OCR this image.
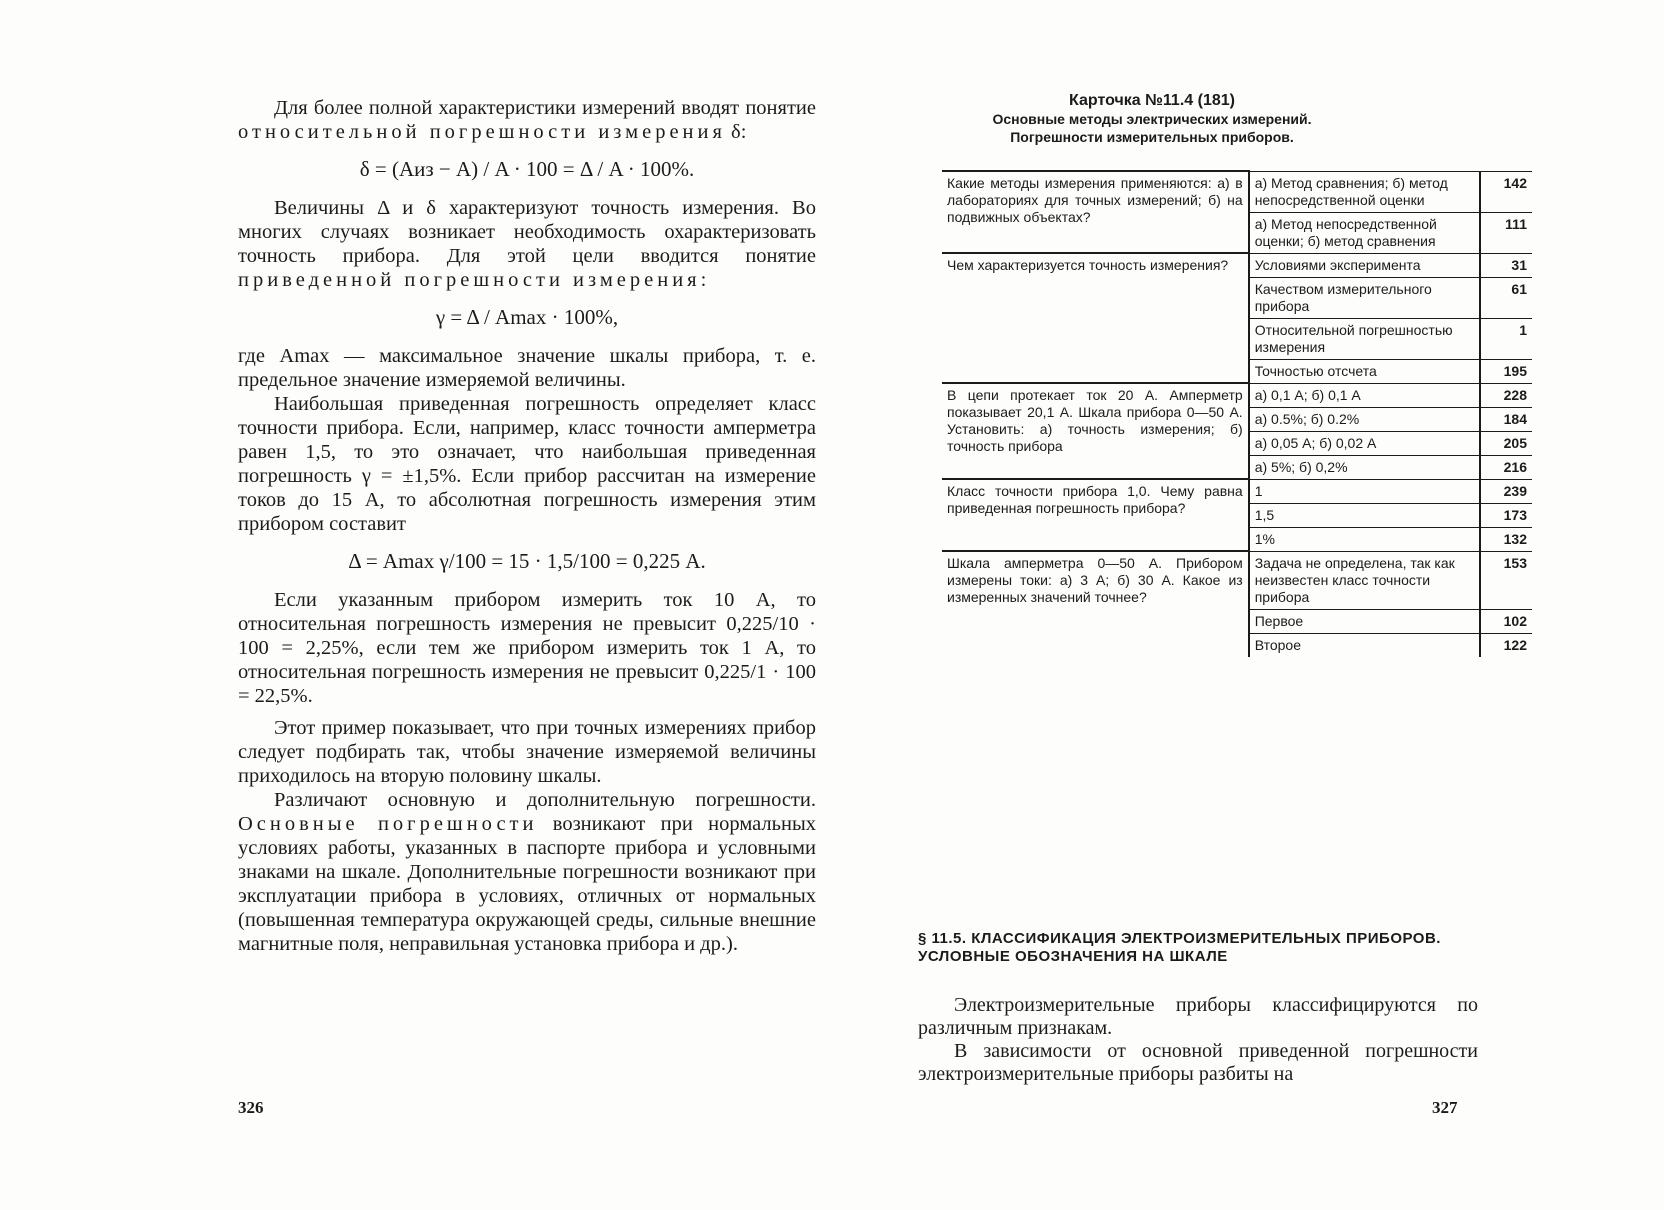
Для более полной характеристики измерений вводят понятие относительной погрешности измерения δ:

δ = (Aиз − A) / A · 100 = Δ / A · 100%.

Величины Δ и δ характеризуют точность измерения. Во многих случаях возникает необходимость охарактеризовать точность прибора. Для этой цели вводится понятие приведенной погрешности измерения:

γ = Δ / Amax · 100%,

где Amax — максимальное значение шкалы прибора, т. е. предельное значение измеряемой величины.

Наибольшая приведенная погрешность определяет класс точности прибора. Если, например, класс точности амперметра равен 1,5, то это означает, что наибольшая приведенная погрешность γ = ±1,5%. Если прибор рассчитан на измерение токов до 15 А, то абсолютная погрешность измерения этим прибором составит

Δ = Amax γ/100 = 15 · 1,5/100 = 0,225 А.

Если указанным прибором измерить ток 10 А, то относительная погрешность измерения не превысит 0,225/10 · 100 = 2,25%, если тем же прибором измерить ток 1 А, то относительная погрешность измерения не превысит 0,225/1 · 100 = 22,5%.

Этот пример показывает, что при точных измерениях прибор следует подбирать так, чтобы значение измеряемой величины приходилось на вторую половину шкалы.

Различают основную и дополнительную погрешности. Основные погрешности возникают при нормальных условиях работы, указанных в паспорте прибора и условными знаками на шкале. Дополнительные погрешности возникают при эксплуатации прибора в условиях, отличных от нормальных (повышенная температура окружающей среды, сильные внешние магнитные поля, неправильная установка прибора и др.).

326
Карточка №11.4 (181)
Основные методы электрических измерений.
Погрешности измерительных приборов.
Какие методы измерения применяются: а) в лабораториях для точных измерений; б) на подвижных объектах?	а) Метод сравнения; б) метод непосредственной оценки	142
	а) Метод непосредственной оценки; б) метод сравнения	111

Чем характеризуется точность измерения?	Условиями эксперимента	31
	Качеством измерительного прибора	61
	Относительной погрешностью измерения	1
	Точностью отсчета	195

В цепи протекает ток 20 А. Амперметр показывает 20,1 А. Шкала прибора 0—50 А. Установить: а) точность измерения; б) точность прибора	а) 0,1 А; б) 0,1 А	228
	а) 0.5%; б) 0.2%	184
	а) 0,05 А; б) 0,02 А	205
	а) 5%; б) 0,2%	216

Класс точности прибора 1,0. Чему равна приведенная погрешность прибора?	1	239
	1,5	173
	1%	132

Шкала амперметра 0—50 А. Прибором измерены токи: а) 3 А; б) 30 А. Какое из измеренных значений точнее?	Задача не определена, так как неизвестен класс точности прибора	153
	Первое	102
	Второе	122
§ 11.5. КЛАССИФИКАЦИЯ ЭЛЕКТРОИЗМЕРИТЕЛЬНЫХ ПРИБОРОВ.
УСЛОВНЫЕ ОБОЗНАЧЕНИЯ НА ШКАЛЕ

Электроизмерительные приборы классифицируются по различным признакам.

В зависимости от основной приведенной погрешности электроизмерительные приборы разбиты на

327
